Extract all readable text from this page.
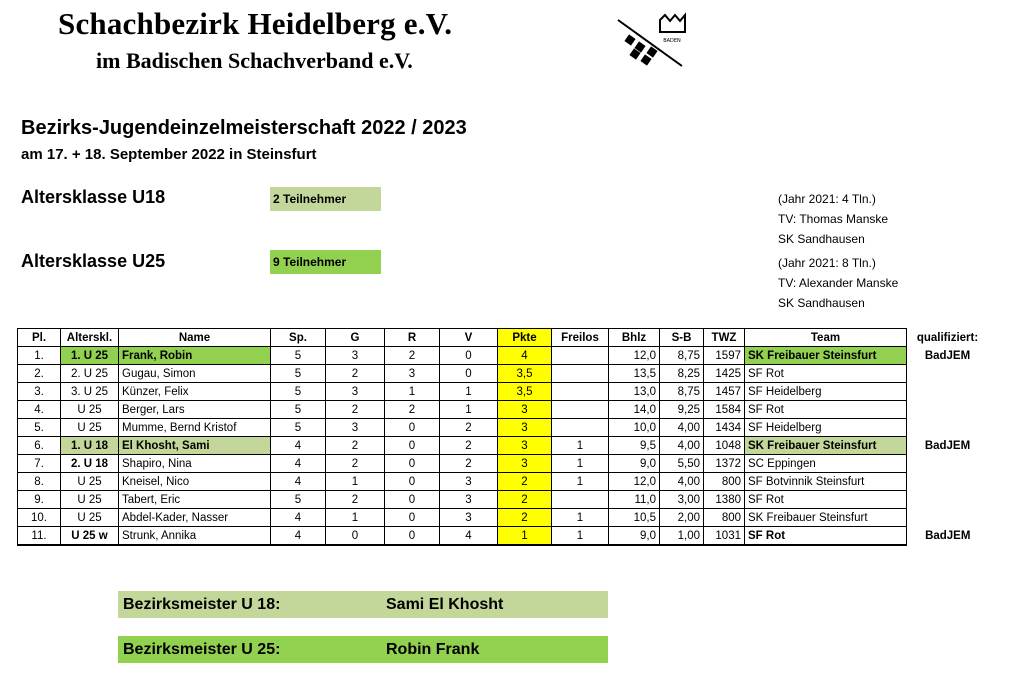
Schachbezirk Heidelberg e.V.
im Badischen Schachverband e.V.
BADEN
Bezirks-Jugendeinzelmeisterschaft 2022 / 2023
am 17. + 18. September 2022 in Steinsfurt
Altersklasse U18	2 Teilnehmer	(Jahr 2021: 4 Tln.)
TV: Thomas Manske
SK Sandhausen
Altersklasse U25	9 Teilnehmer	(Jahr 2021: 8 Tln.)
TV: Alexander Manske
SK Sandhausen
Pl.	Alterskl.	Name	Sp.	G	R	V	Pkte	Freilos	Bhlz	S-B	TWZ	Team	qualifiziert:
1.	1. U 25	Frank, Robin	5	3	2	0	4		12,0	8,75	1597	SK Freibauer Steinsfurt	BadJEM
2.	2. U 25	Gugau, Simon	5	2	3	0	3,5		13,5	8,25	1425	SF Rot	
3.	3. U 25	Künzer, Felix	5	3	1	1	3,5		13,0	8,75	1457	SF Heidelberg	
4.	U 25	Berger, Lars	5	2	2	1	3		14,0	9,25	1584	SF Rot	
5.	U 25	Mumme, Bernd Kristof	5	3	0	2	3		10,0	4,00	1434	SF Heidelberg	
6.	1. U 18	El Khosht, Sami	4	2	0	2	3	1	9,5	4,00	1048	SK Freibauer Steinsfurt	BadJEM
7.	2. U 18	Shapiro, Nina	4	2	0	2	3	1	9,0	5,50	1372	SC Eppingen	
8.	U 25	Kneisel, Nico	4	1	0	3	2	1	12,0	4,00	800	SF Botvinnik Steinsfurt	
9.	U 25	Tabert, Eric	5	2	0	3	2		11,0	3,00	1380	SF Rot	
10.	U 25	Abdel-Kader, Nasser	4	1	0	3	2	1	10,5	2,00	800	SK Freibauer Steinsfurt	
11.	U 25 w	Strunk, Annika	4	0	0	4	1	1	9,0	1,00	1031	SF Rot	BadJEM
Bezirksmeister U 18:	Sami El Khosht
Bezirksmeister U 25:	Robin Frank
